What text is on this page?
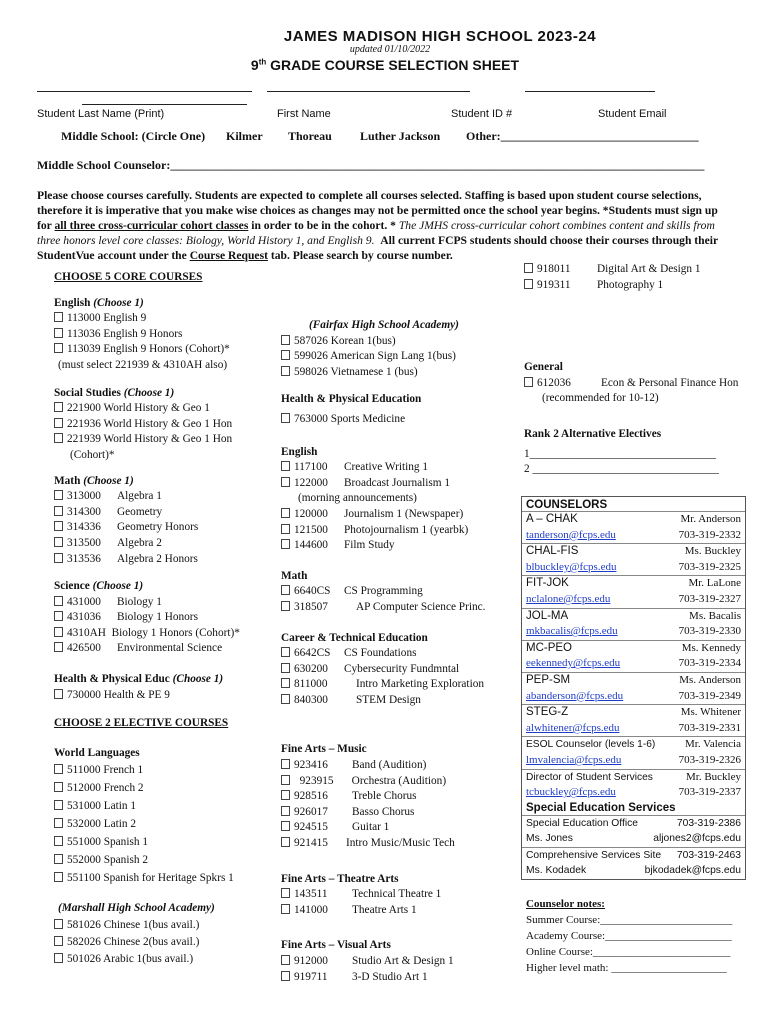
JAMES MADISON HIGH SCHOOL 2023-24
updated 01/10/2022
9th GRADE COURSE SELECTION SHEET
Student Last Name (Print)	First Name	Student ID #	Student Email
Middle School: (Circle One) Kilmer Thoreau Luther Jackson Other:_________________________________
Middle School Counselor:_________________________________________________________________________________________
Please choose courses carefully. Students are expected to complete all courses selected. Staffing is based upon student course selections, therefore it is imperative that you make wise choices as changes may not be permitted once the school year begins. *Students must sign up for all three cross-curricular cohort classes in order to be in the cohort. * The JMHS cross-curricular cohort combines content and skills from three honors level core classes: Biology, World History 1, and English 9. All current FCPS students should choose their courses through their StudentVue account under the Course Request tab. Please search by course number.
CHOOSE 5 CORE COURSES
English (Choose 1)
113000 English 9
113036 English 9 Honors
113039 English 9 Honors (Cohort)*
(must select 221939 & 4310AH also)
Social Studies (Choose 1)
221900 World History & Geo 1
221936 World History & Geo 1 Hon
221939 World History & Geo 1 Hon
(Cohort)*
Math (Choose 1)
313000 Algebra 1
314300 Geometry
314336 Geometry Honors
313500 Algebra 2
313536 Algebra 2 Honors
Science (Choose 1)
431000 Biology 1
431036 Biology 1 Honors
4310AH Biology 1 Honors (Cohort)*
426500 Environmental Science
Health & Physical Educ (Choose 1)
730000 Health & PE 9
CHOOSE 2 ELECTIVE COURSES
World Languages
511000 French 1
512000 French 2
531000 Latin 1
532000 Latin 2
551000 Spanish 1
552000 Spanish 2
551100 Spanish for Heritage Spkrs 1
(Marshall High School Academy)
581026 Chinese 1(bus avail.)
582026 Chinese 2(bus avail.)
501026 Arabic 1(bus avail.)
(Fairfax High School Academy)
587026 Korean 1(bus)
599026 American Sign Lang 1(bus)
598026 Vietnamese 1 (bus)
Health & Physical Education
763000 Sports Medicine
English
117100 Creative Writing 1
122000 Broadcast Journalism 1
(morning announcements)
120000 Journalism 1 (Newspaper)
121500 Photojournalism 1 (yearbk)
144600 Film Study
Math
6640CS CS Programming
318507 AP Computer Science Princ.
Career & Technical Education
6642CS CS Foundations
630200 Cybersecurity Fundmntal
811000	Intro Marketing Exploration
840300 STEM Design
Fine Arts – Music
923416 Band (Audition)
923915 Orchestra (Audition)
928516 Treble Chorus
926017 Basso Chorus
924515 Guitar 1
921415 Intro Music/Music Tech
Fine Arts – Theatre Arts
143511 Technical Theatre 1
141000 Theatre Arts 1
Fine Arts – Visual Arts
912000 Studio Art & Design 1
919711 3-D Studio Art 1
918011 Digital Art & Design 1
919311 Photography 1
General
612036	Econ & Personal Finance Hon
(recommended for 10-12)
Rank 2 Alternative Electives
1_________________________________
2 _________________________________
COUNSELORS
A – CHAK	Mr. Anderson
tanderson@fcps.edu	703-319-2332
CHAL-FIS	Ms. Buckley
blbuckley@fcps.edu	703-319-2325
FIT-JOK	Mr. LaLone
nclalone@fcps.edu	703-319-2327
JOL-MA	Ms. Bacalis
mkbacalis@fcps.edu	703-319-2330
MC-PEO	Ms. Kennedy
eekennedy@fcps.edu	703-319-2334
PEP-SM	Ms. Anderson
abanderson@fcps.edu	703-319-2349
STEG-Z	Ms. Whitener
alwhitener@fcps.edu	703-319-2331
ESOL Counselor (levels 1-6)	Mr. Valencia
lmvalencia@fcps.edu	703-319-2326
Director of Student Services	Mr. Buckley
tcbuckley@fcps.edu	703-319-2337
Special Education Services
Special Education Office	703-319-2386
Ms. Jones	aljones2@fcps.edu
Comprehensive Services Site 703-319-2463
Ms. Kodadek	bjkodadek@fcps.edu
Counselor notes:
Summer Course:________________________
Academy Course:_______________________
Online Course:_________________________
Higher level math: _____________________
